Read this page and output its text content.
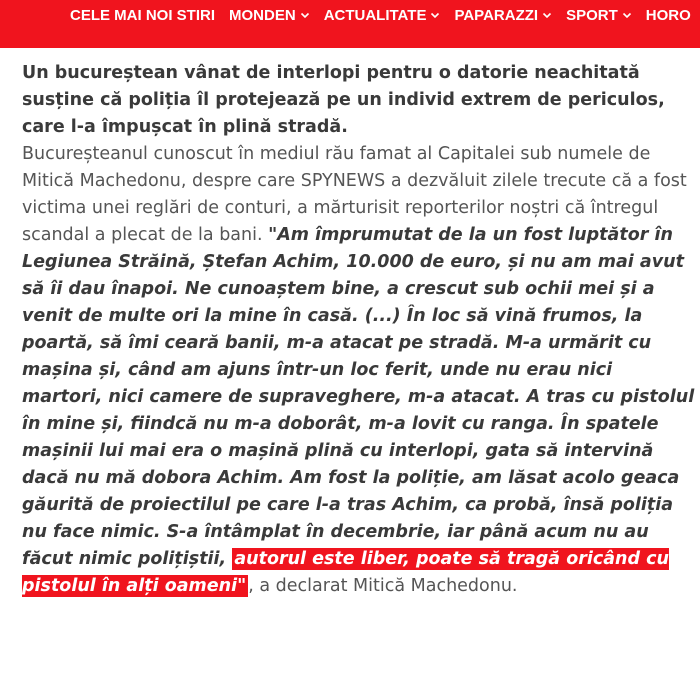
CELE MAI NOI STIRI MONDEN ACTUALITATE PAPARAZZI SPORT HORO

Un bucureștean vânat de interlopi pentru o datorie neachitată susține că poliția îl protejează pe un individ extrem de periculos, care l-a împușcat în plină stradă.

Bucureșteanul cunoscut în mediul rău famat al Capitalei sub numele de Mitică Machedonu, despre care SPYNEWS a dezvăluit zilele trecute că a fost victima unei reglări de conturi, a mărturisit reporterilor noștri că întregul scandal a plecat de la bani. "Am împrumutat de la un fost luptător în Legiunea Străină, Ștefan Achim, 10.000 de euro, și nu am mai avut să îi dau înapoi. Ne cunoaștem bine, a crescut sub ochii mei și a venit de multe ori la mine în casă. (...) În loc să vină frumos, la poartă, să îmi ceară banii, m-a atacat pe stradă. M-a urmărit cu mașina și, când am ajuns într-un loc ferit, unde nu erau nici martori, nici camere de supraveghere, m-a atacat. A tras cu pistolul în mine și, fiindcă nu m-a doborât, m-a lovit cu ranga. În spatele mașinii lui mai era o mașină plină cu interlopi, gata să intervină dacă nu mă dobora Achim. Am fost la poliție, am lăsat acolo geaca găurită de proiectilul pe care l-a tras Achim, ca probă, însă poliția nu face nimic. S-a întâmplat în decembrie, iar până acum nu au făcut nimic polițiștii, autorul este liber, poate să tragă oricând cu pistolul în alți oameni" , a declarat Mitică Machedonu.
